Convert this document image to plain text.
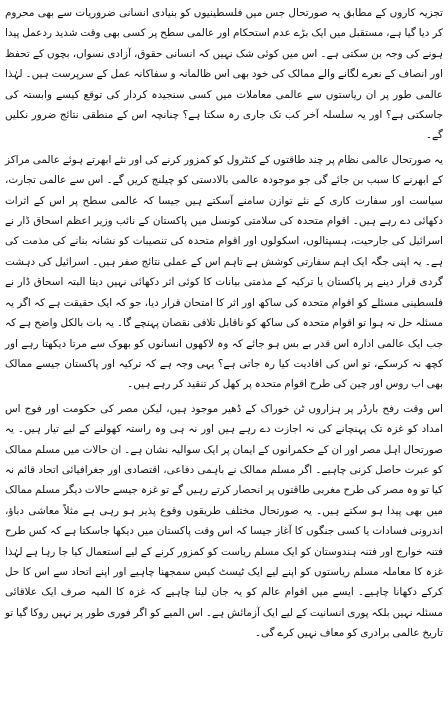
تجزیہ کاروں کے مطابق یہ صورتحال جس میں فلسطینیوں کو بنیادی انسانی ضروریات سے بھی محروم کر دیا گیا ہے، مستقبل میں ایک بڑے عدم استحکام اور عالمی سطح پر کسی بھی وقت شدید ردعمل پیدا ہونے کی وجہ بن سکتی ہے۔ اس میں کوئی شک نہیں کہ انسانی حقوق، آزادی نسواں، بچوں کے تحفظ اور انصاف کے نعرے لگانے والے ممالک کی خود بھی اس ظالمانہ و سفاکانہ عمل کے سرپرست ہیں۔ لہٰذا عالمی طور پر ان ریاستوں سے عالمی معاملات میں کسی سنجیدہ کردار کی توقع کیسے وابستہ کی جاسکتی ہے؟ اور یہ سلسلہ آخر کب تک جاری رہ سکتا ہے؟ چنانچہ اس کے منطقی نتائج ضرور نکلیں گے۔

یہ صورتحال عالمی نظام پر چند طاقتوں کے کنٹرول کو کمزور کرنے کی اور نئے ابھرتے ہوئے عالمی مراکز کے ابھرنے کا سبب بن جائے گی جو موجودہ عالمی بالادستی کو چیلنج کریں گے۔ اس سے عالمی تجارت، سیاست اور سفارت کاری کے نئے توازن سامنے آسکتے ہیں جیسا کہ عالمی سطح پر اس کے اثرات دکھائی دے رہے ہیں۔ اقوام متحدہ کی سلامتی کونسل میں پاکستان کے نائب وزیر اعظم اسحاق ڈار نے اسرائیل کی جارحیت، ہسپتالوں، اسکولوں اور اقوام متحدہ کی تنصیبات کو نشانہ بنانے کی مذمت کی ہے۔ یہ اپنی جگہ ایک اہم سفارتی کوشش ہے تاہم اس کے عملی نتائج صفر ہیں۔ اسرائیل کی دہشت گردی قرار دینے پر پاکستان یا ترکیہ کے مذمتی بیانات کا کوئی اثر دکھائی نہیں دیتا البتہ اسحاق ڈار نے فلسطینی مسئلے کو اقوام متحدہ کی ساکھ اور اثر کا امتحان قرار دیا، جو کہ ایک حقیقت ہے کہ اگر یہ مسئلہ حل نہ ہوا تو اقوام متحدہ کی ساکھ کو ناقابل تلافی نقصان پہنچے گا۔ یہ بات بالکل واضح ہے کہ جب ایک عالمی ادارہ اس قدر بے بس ہو جائے کہ وہ لاکھوں انسانوں کو بھوک سے مرتا دیکھتا رہے اور کچھ نہ کرسکے، تو اس کی افادیت کیا رہ جاتی ہے؟ یہی وجہ ہے کہ ترکیہ اور پاکستان جیسے ممالک بھی اب روس اور چین کی طرح اقوام متحدہ پر کھل کر تنقید کر رہے ہیں۔

اس وقت رفح بارڈر پر ہزاروں ٹن خوراک کے ڈھیر موجود ہیں، لیکن مصر کی حکومت اور فوج اس امداد کو غزہ تک پہنچانے کی نہ اجازت دے رہے ہیں اور نہ ہی وہ راستہ کھولنے کے لیے تیار ہیں۔ یہ صورتحال اہل مصر اور ان کے حکمرانوں کے ایمان پر ایک سوالیہ نشان ہے۔ ان حالات میں مسلم ممالک کو عبرت حاصل کرنی چاہیے۔ اگر مسلم ممالک نے باہمی دفاعی، اقتصادی اور جغرافیائی اتحاد قائم نہ کیا تو وہ مصر کی طرح مغربی طاقتوں پر انحصار کرتے رہیں گے تو غزہ جیسے حالات دیگر مسلم ممالک میں بھی پیدا ہو سکتے ہیں۔ یہ صورتحال مختلف طریقوں وقوع پذیر ہو رہی ہے مثلاً معاشی دباؤ، اندرونی فسادات یا کسی جنگوں کا آغاز جیسا کہ اس وقت پاکستان میں دیکھا جاسکتا ہے کہ کس طرح فتنہ خوارج اور فتنہ ہندوستان کو ایک مسلم ریاست کو کمزور کرنے کے لیے استعمال کیا جا رہا ہے لہٰذا غزہ کا معاملہ مسلم ریاستوں کو اپنے لیے ایک ٹیسٹ کیس سمجھنا چاہیے اور اپنے اتحاد سے اس کا حل کرکے دکھانا چاہیے۔ ایسے میں اقوام عالم کو یہ جان لینا چاہیے کہ غزہ کا المیہ صرف ایک علاقائی مسئلہ نہیں بلکہ پوری انسانیت کے لیے ایک آزمائش ہے۔ اس المیے کو اگر فوری طور پر نہیں روکا گیا تو تاریخ عالمی برادری کو معاف نہیں کرے گی۔
